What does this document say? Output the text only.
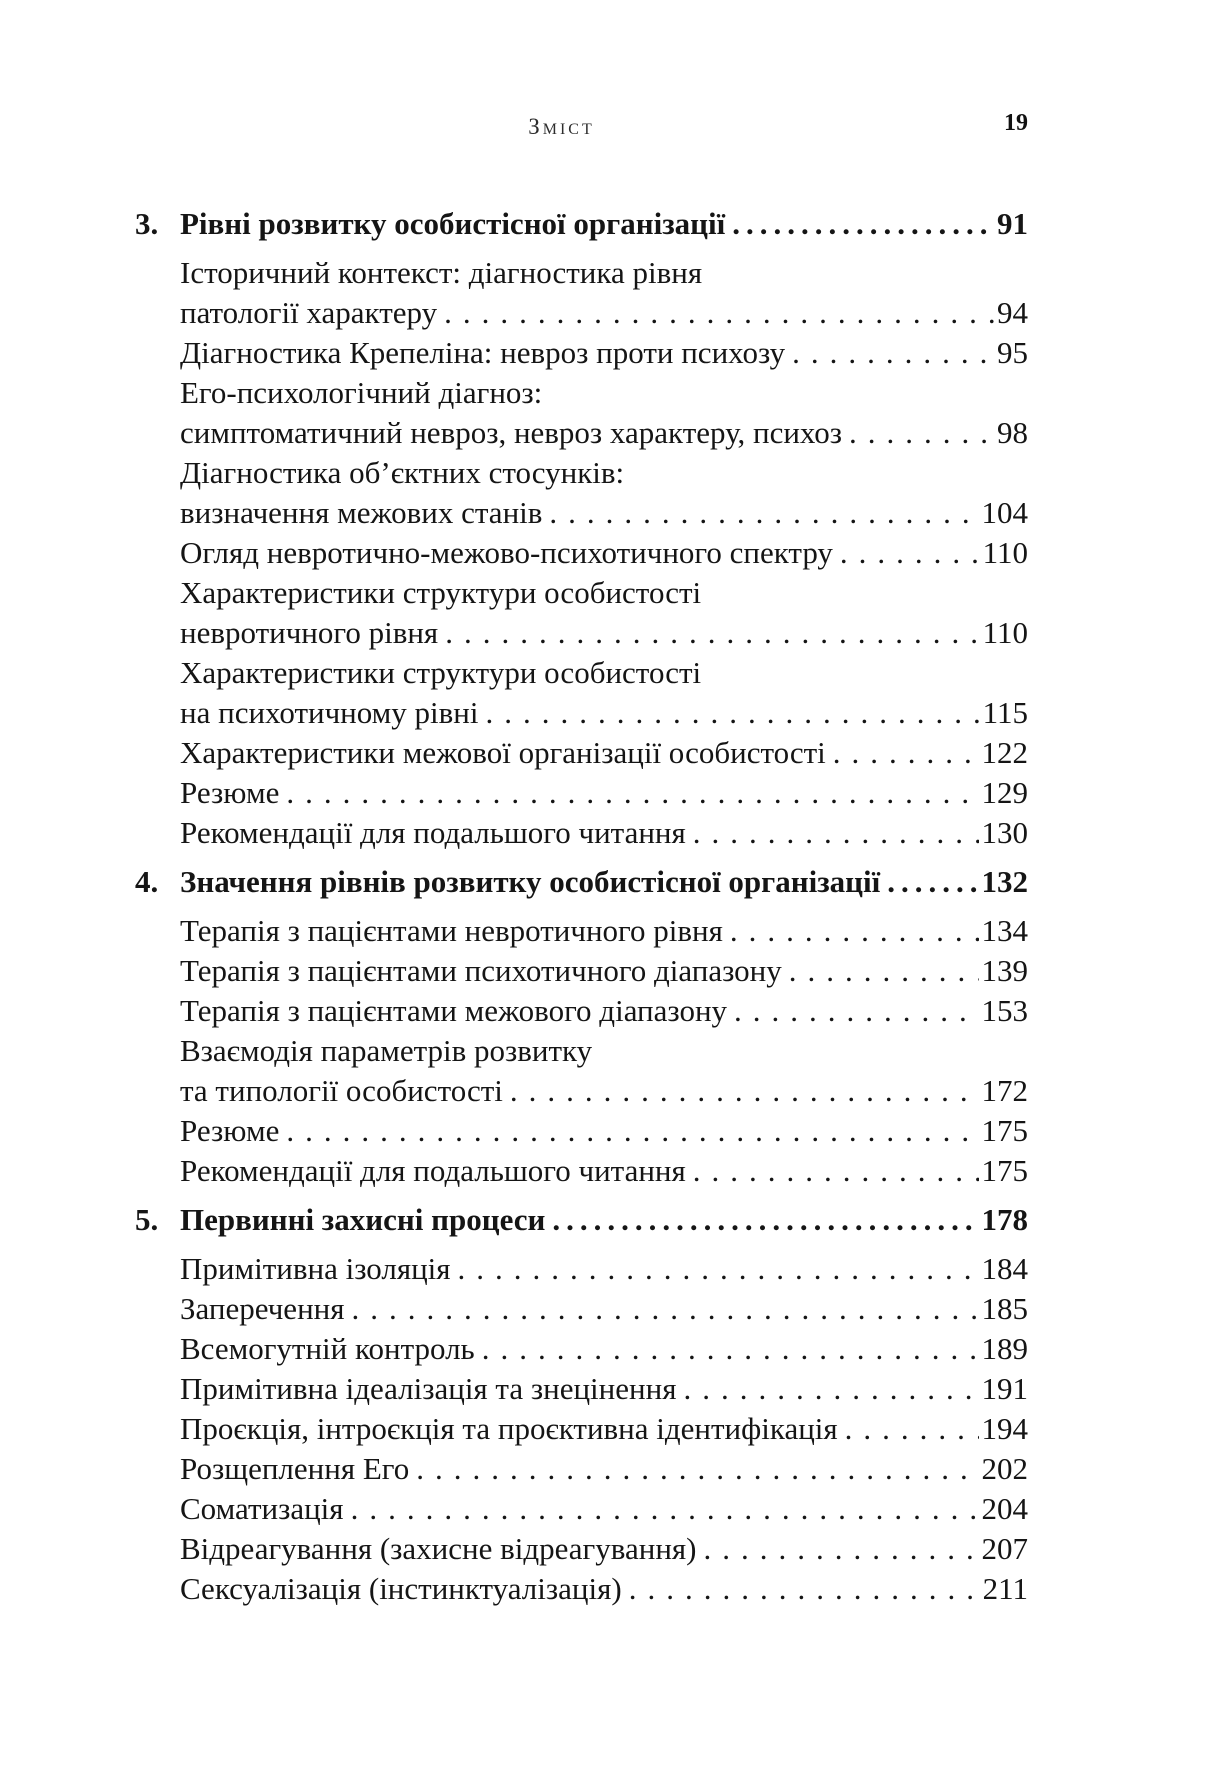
Зміст	19
3. Рівні розвитку особистісної організації .....	91
Історичний контекст: діагностика рівня
патології характеру .....	94
Діагностика Крепеліна: невроз проти психозу .....	95
Его-психологічний діагноз:
симптоматичний невроз, невроз характеру, психоз .....	98
Діагностика об’єктних стосунків:
визначення межових станів .....	104
Огляд невротично-межово-психотичного спектру .....	110
Характеристики структури особистості
невротичного рівня .....	110
Характеристики структури особистості
на психотичному рівні .....	115
Характеристики межової організації особистості .....	122
Резюме .....	129
Рекомендації для подальшого читання .....	130
4. Значення рівнів розвитку особистісної організації .....	132
Терапія з пацієнтами невротичного рівня .....	134
Терапія з пацієнтами психотичного діапазону .....	139
Терапія з пацієнтами межового діапазону .....	153
Взаємодія параметрів розвитку
та типології особистості .....	172
Резюме .....	175
Рекомендації для подальшого читання .....	175
5. Первинні захисні процеси .....	178
Примітивна ізоляція .....	184
Заперечення .....	185
Всемогутній контроль .....	189
Примітивна ідеалізація та знецінення .....	191
Проєкція, інтроєкція та проєктивна ідентифікація .....	194
Розщеплення Его .....	202
Соматизація .....	204
Відреагування (захисне відреагування) .....	207
Сексуалізація (інстинктуалізація) .....	211
